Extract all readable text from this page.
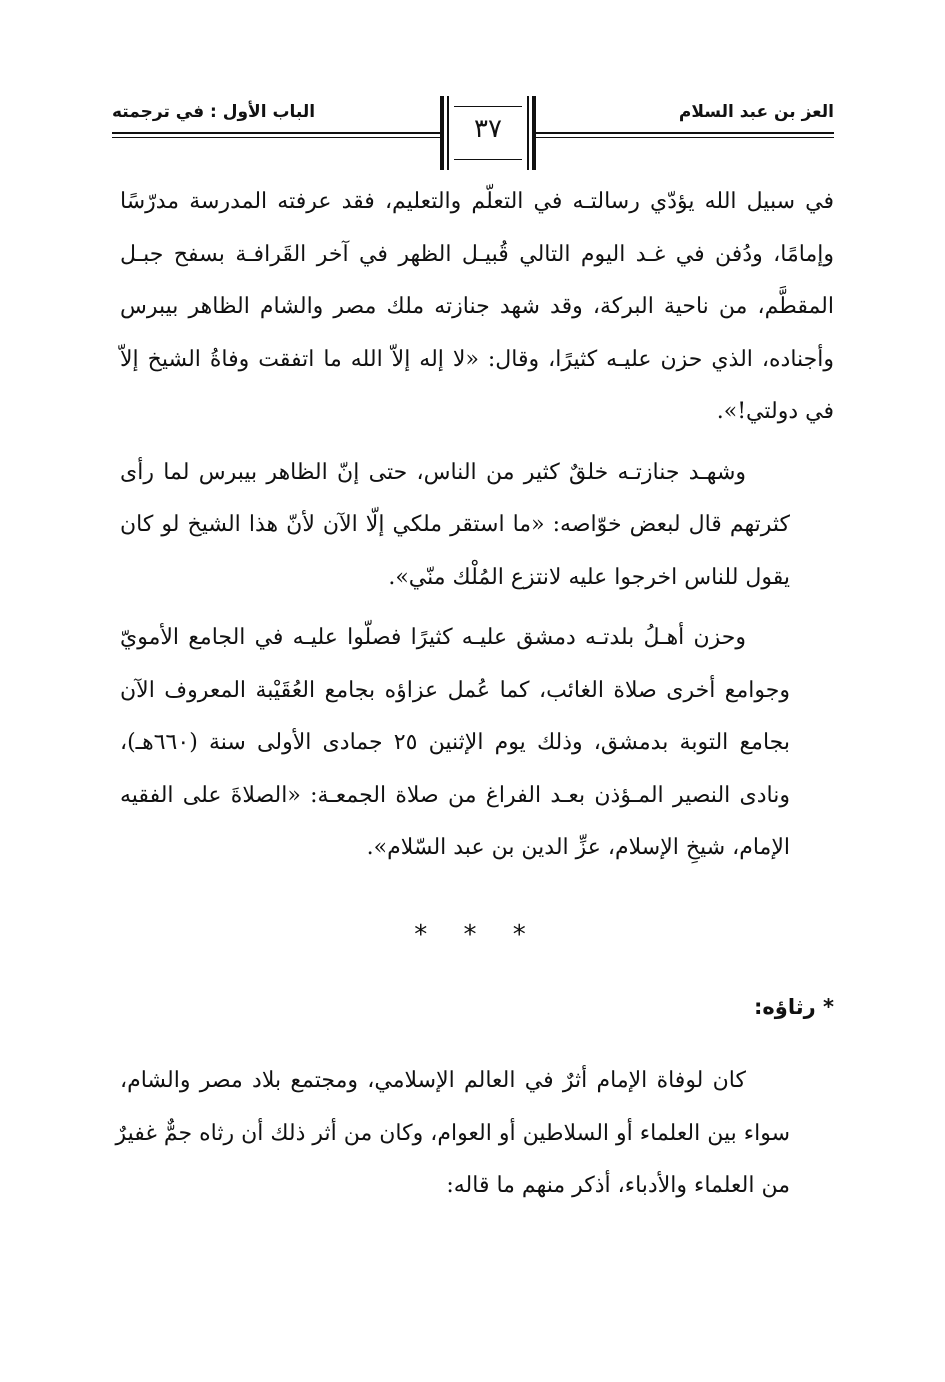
العز بن عبد السلام
الباب الأول : في ترجمته
٣٧
في سبيل الله يؤدّي رسالتـه في التعلّم والتعليم، فقد عرفته المدرسة مدرّسًا
وإمامًا، ودُفن في غـد اليوم التالي قُبيـل الظهر في آخر القَرافـة بسفح جبـل
المقطَّم، من ناحية البركة، وقد شهد جنازته ملك مصر والشام الظاهر بيبرس
وأجناده، الذي حزن عليـه كثيرًا، وقال: «لا إله إلاّ الله ما اتفقت وفاةُ الشيخ إلاّ
في دولتي!».
وشهـد جنازتـه خلقٌ كثير من الناس، حتى إنّ الظاهر بيبرس لما رأى
كثرتهم قال لبعض خوّاصه: «ما استقر ملكي إلّا الآن لأنّ هذا الشيخ لو كان
يقول للناس اخرجوا عليه لانتزع المُلْك منّي».
وحزن أهـلُ بلدتـه دمشق عليـه كثيرًا فصلّوا عليـه في الجامع الأمويّ
وجوامع أخرى صلاة الغائب، كما عُمل عزاؤه بجامع العُقَيْبة المعروف الآن
بجامع التوبة بدمشق، وذلك يوم الإثنين ٢٥ جمادى الأولى سنة (٦٦٠هـ)،
ونادى النصير المـؤذن بعـد الفراغ من صلاة الجمعـة: «الصلاةَ على الفقيه
الإمام، شيخِ الإسلام، عزِّ الدين بن عبد السّلام».
* * *
* رثاؤه:
كان لوفاة الإمام أثرٌ في العالم الإسلامي، ومجتمع بلاد مصر والشام،
سواء بين العلماء أو السلاطين أو العوام، وكان من أثر ذلك أن رثاه جمٌّ غفيرٌ
من العلماء والأدباء، أذكر منهم ما قاله:
